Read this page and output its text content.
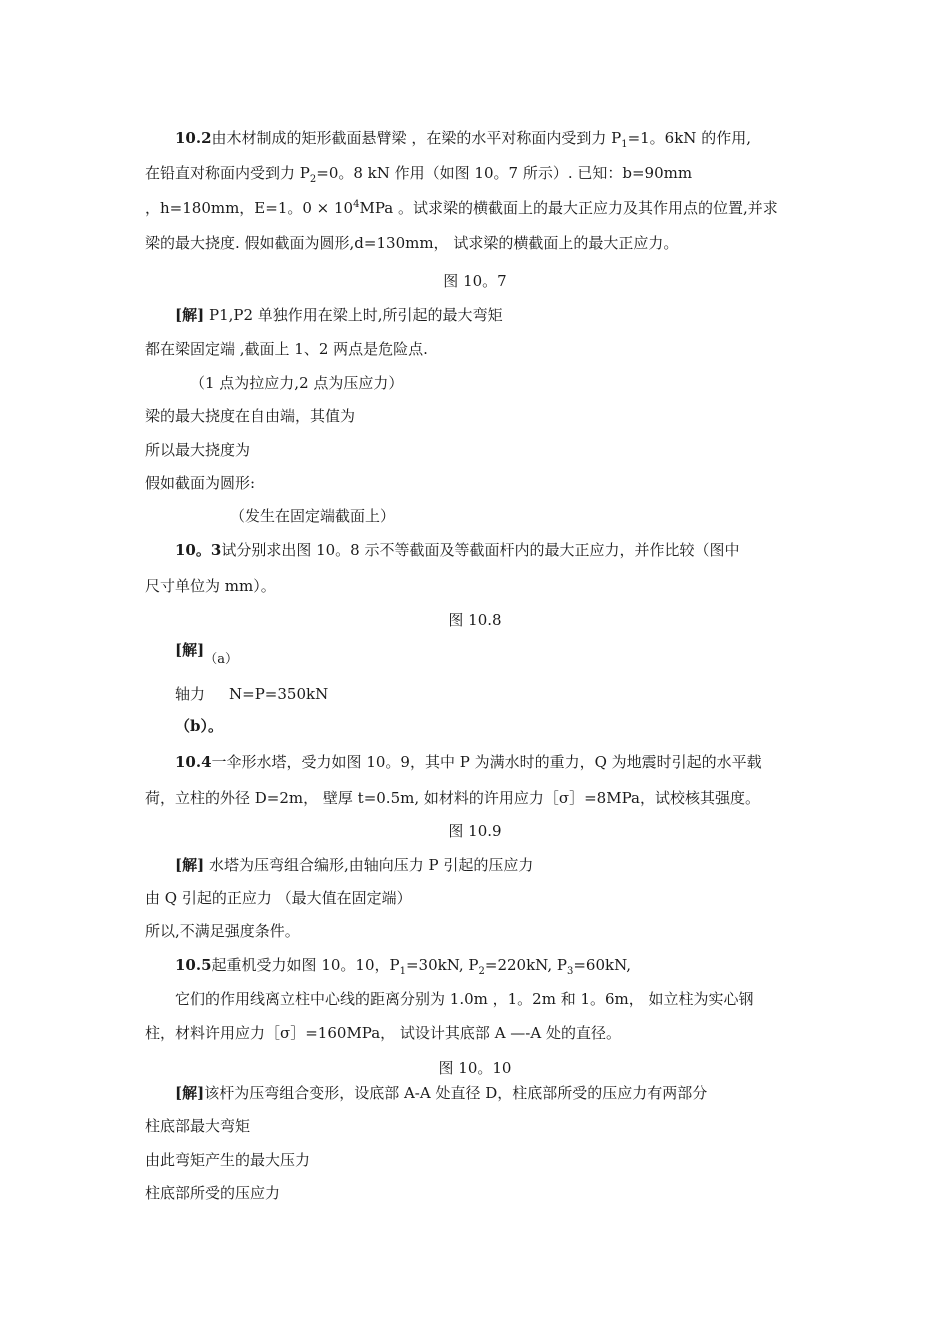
10.2由木材制成的矩形截面悬臂梁 ，在梁的水平对称面内受到力 $P_1=1$。6kN 的作用,
在铅直对称面内受到力 $P_2=0$。8 kN 作用（如图 10。7 所示）. 已知：b=90mm
，h=180mm，E=1。$0 \times 10^4MPa$ 。试求梁的横截面上的最大正应力及其作用点的位置,并求
梁的最大挠度. 假如截面为圆形,d=130mm， 试求梁的横截面上的最大正应力。
图 10。7
[解] P1,P2 单独作用在梁上时,所引起的最大弯矩
都在梁固定端 ,截面上 1、2 两点是危险点.
（1 点为拉应力,2 点为压应力）
梁的最大挠度在自由端，其值为
所以最大挠度为
假如截面为圆形:
（发生在固定端截面上）
10。3试分别求出图 10。8 示不等截面及等截面杆内的最大正应力，并作比较（图中
尺寸单位为 mm）。
图 10.8
[解]（a）
轴力 N=P=350kN
（b）。
10.4一伞形水塔，受力如图 10。9，其中 P 为满水时的重力，Q 为地震时引起的水平载
荷，立柱的外径 D=2m， 壁厚 t=0.5m, 如材料的许用应力［σ］=8MPa，试校核其强度。
图 10.9
[解] 水塔为压弯组合编形,由轴向压力 P 引起的压应力
由 Q 引起的正应力 （最大值在固定端）
所以,不满足强度条件。
10.5起重机受力如图 10。10，$P_1=30kN$, $P_2=220kN$, $P_3=60kN$,
它们的作用线离立柱中心线的距离分别为 1.0m ，1。2m 和 1。6m， 如立柱为实心钢
柱，材料许用应力［σ］=160MPa， 试设计其底部 A —-A 处的直径。
图 10。10
[解]该杆为压弯组合变形，设底部 A-A 处直径 D，柱底部所受的压应力有两部分
柱底部最大弯矩
由此弯矩产生的最大压力
柱底部所受的压应力
